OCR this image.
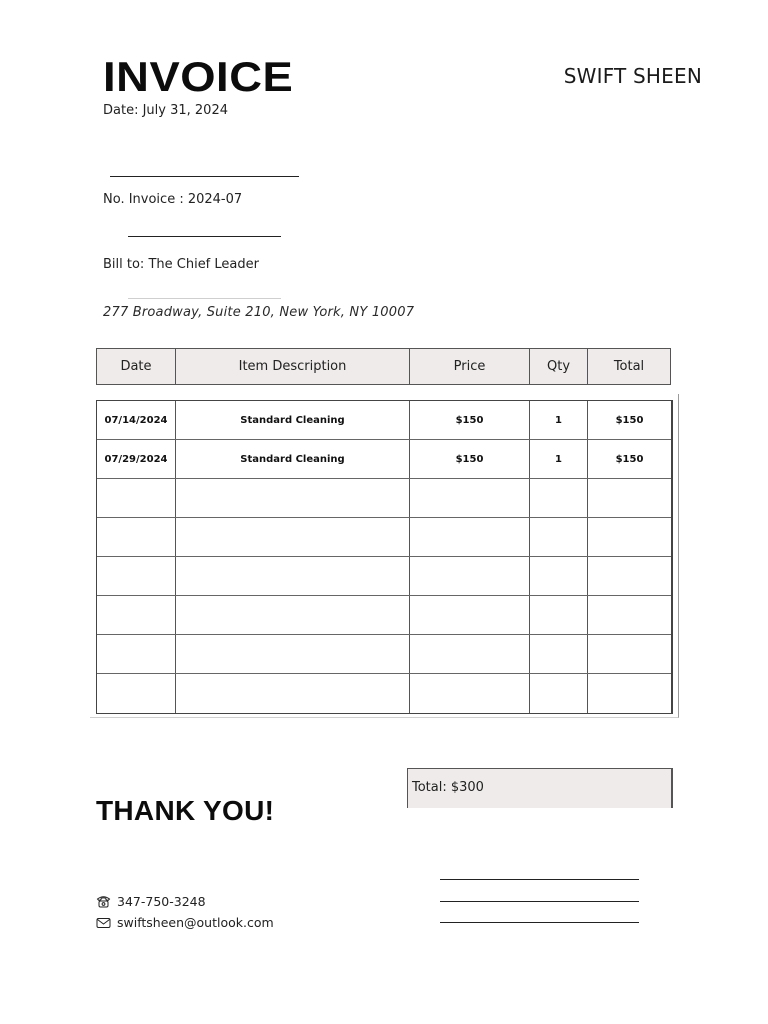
INVOICE	SWIFT SHEEN
Date: July 31, 2024
No. Invoice : 2024-07
Bill to: The Chief Leader
277 Broadway, Suite 210, New York, NY 10007
Date	Item Description	Price	Qty	Total
07/14/2024	Standard Cleaning	$150	1	$150
07/29/2024	Standard Cleaning	$150	1	$150
Total: $300
THANK YOU!
347-750-3248
swiftsheen@outlook.com
